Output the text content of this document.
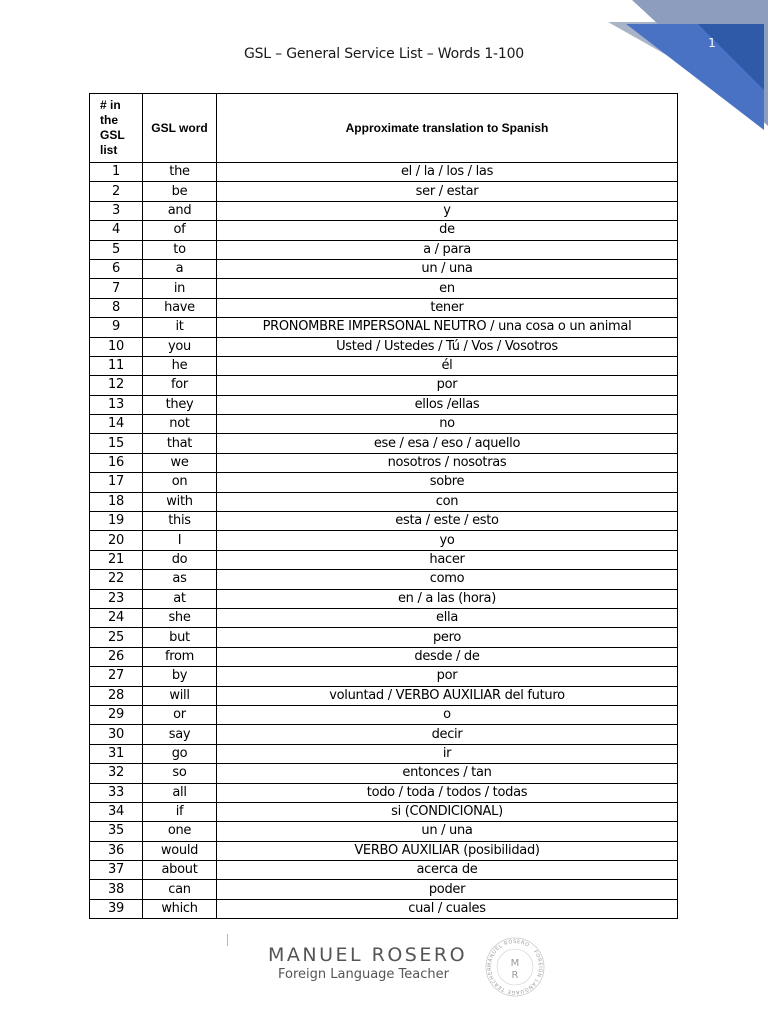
1
GSL – General Service List – Words 1-100
# in
the
GSL
list	GSL word	Approximate translation to Spanish
1	the	el / la / los / las
2	be	ser / estar
3	and	y
4	of	de
5	to	a / para
6	a	un / una
7	in	en
8	have	tener
9	it	PRONOMBRE IMPERSONAL NEUTRO / una cosa o un animal
10	you	Usted / Ustedes / Tú / Vos / Vosotros
11	he	él
12	for	por
13	they	ellos /ellas
14	not	no
15	that	ese / esa / eso / aquello
16	we	nosotros / nosotras
17	on	sobre
18	with	con
19	this	esta / este / esto
20	I	yo
21	do	hacer
22	as	como
23	at	en / a las (hora)
24	she	ella
25	but	pero
26	from	desde / de
27	by	por
28	will	voluntad / VERBO AUXILIAR del futuro
29	or	o
30	say	decir
31	go	ir
32	so	entonces / tan
33	all	todo / toda / todos / todas
34	if	si (CONDICIONAL)
35	one	un / una
36	would	VERBO AUXILIAR (posibilidad)
37	about	acerca de
38	can	poder
39	which	cual / cuales
MANUEL ROSERO
Foreign Language Teacher
MANUEL ROSERO · FOREIGN LANGUAGE TEACHER	M
R
